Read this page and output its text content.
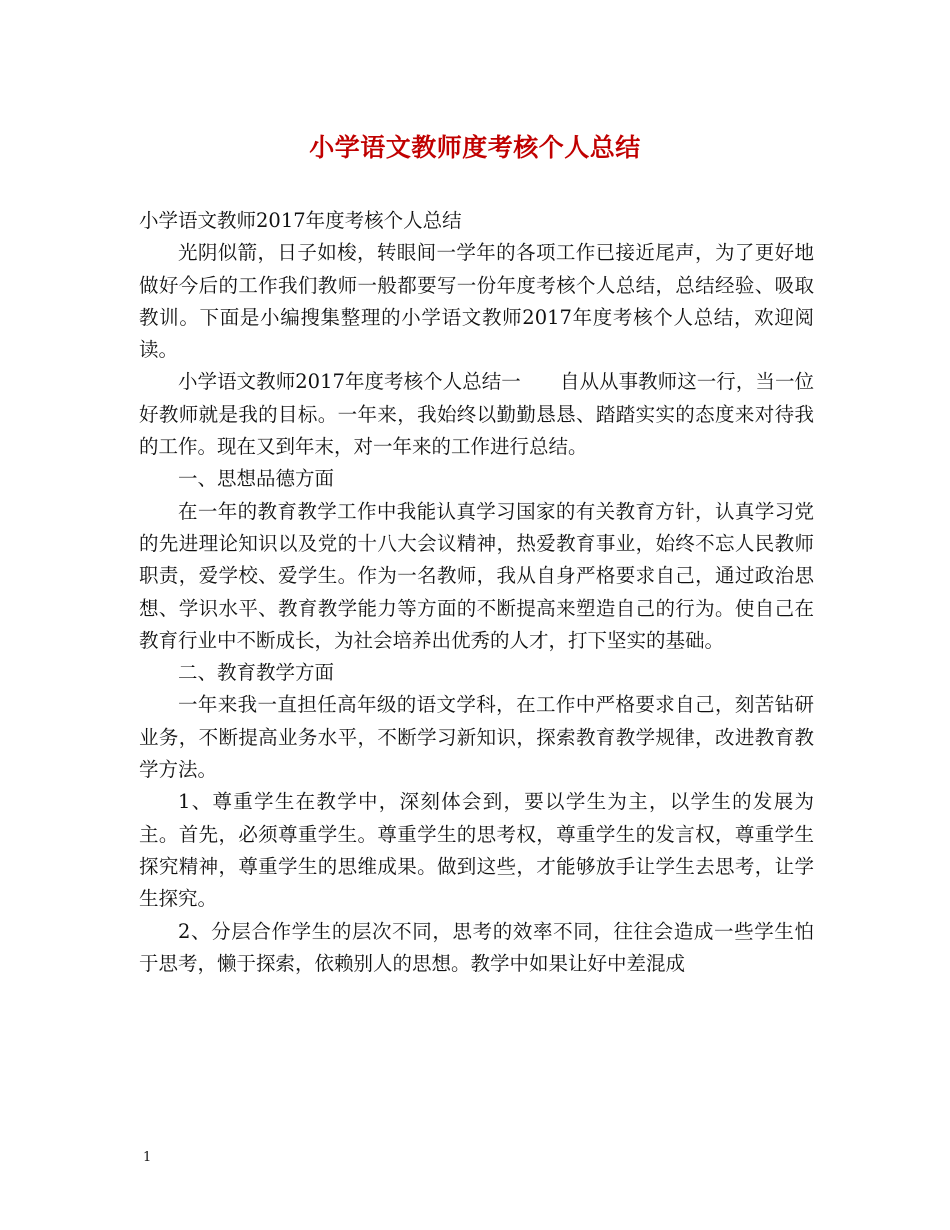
小学语文教师度考核个人总结

小学语文教师2017年度考核个人总结

光阴似箭，日子如梭，转眼间一学年的各项工作已接近尾声，为了更好地做好今后的工作我们教师一般都要写一份年度考核个人总结，总结经验、吸取教训。下面是小编搜集整理的小学语文教师2017年度考核个人总结，欢迎阅读。

小学语文教师2017年度考核个人总结一　　自从从事教师这一行，当一位好教师就是我的目标。一年来，我始终以勤勤恳恳、踏踏实实的态度来对待我的工作。现在又到年末，对一年来的工作进行总结。

一、思想品德方面

在一年的教育教学工作中我能认真学习国家的有关教育方针，认真学习党的先进理论知识以及党的十八大会议精神，热爱教育事业，始终不忘人民教师职责，爱学校、爱学生。作为一名教师，我从自身严格要求自己，通过政治思想、学识水平、教育教学能力等方面的不断提高来塑造自己的行为。使自己在教育行业中不断成长，为社会培养出优秀的人才，打下坚实的基础。

二、教育教学方面

一年来我一直担任高年级的语文学科，在工作中严格要求自己，刻苦钻研业务，不断提高业务水平，不断学习新知识，探索教育教学规律，改进教育教学方法。

1、尊重学生在教学中，深刻体会到，要以学生为主，以学生的发展为主。首先，必须尊重学生。尊重学生的思考权，尊重学生的发言权，尊重学生探究精神，尊重学生的思维成果。做到这些，才能够放手让学生去思考，让学生探究。

2、分层合作学生的层次不同，思考的效率不同，往往会造成一些学生怕于思考，懒于探索，依赖别人的思想。教学中如果让好中差混成

1
